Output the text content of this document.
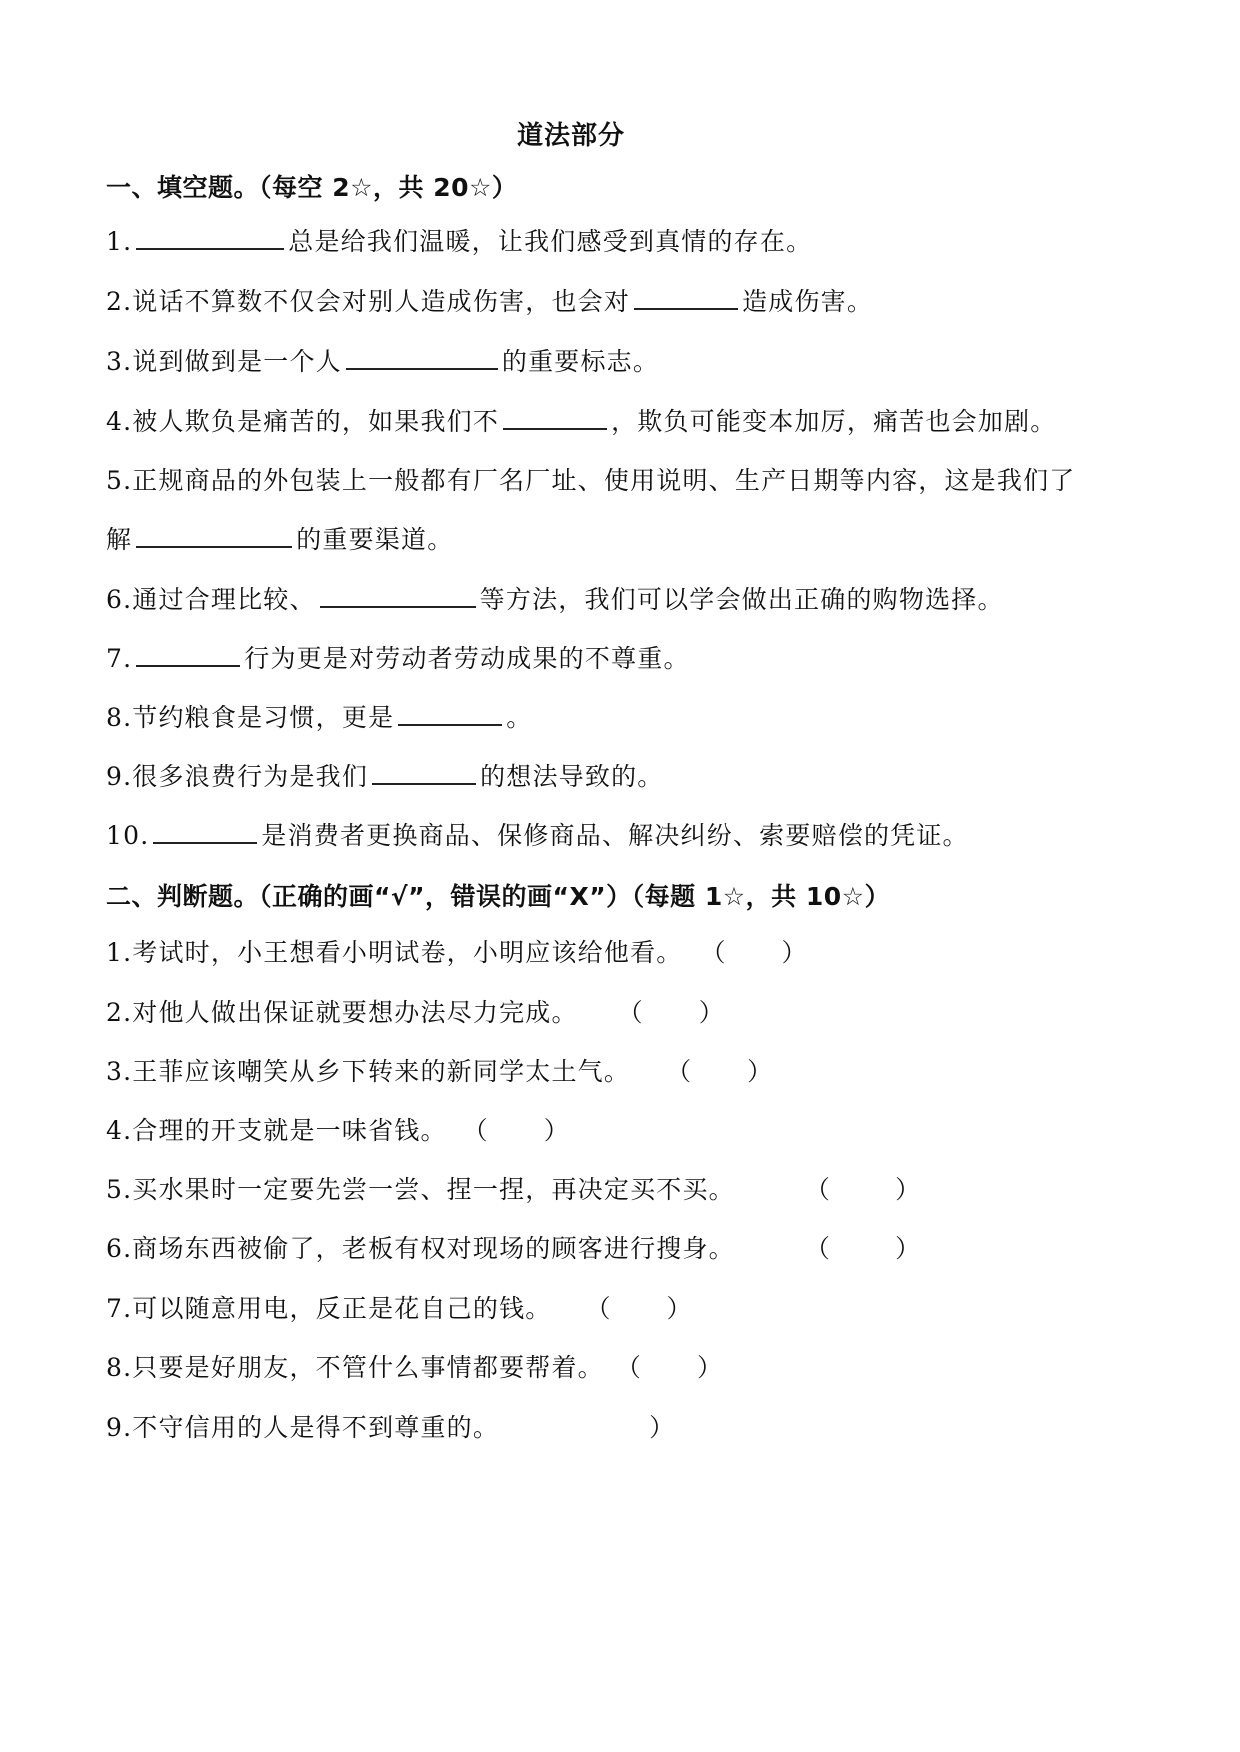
道法部分
一、填空题。（每空 2☆，共 20☆）
1.	总是给我们温暖，让我们感受到真情的存在。
2.说话不算数不仅会对别人造成伤害，也会对	造成伤害。
3.说到做到是一个人	的重要标志。
4.被人欺负是痛苦的，如果我们不	，欺负可能变本加厉，痛苦也会加剧。
5.正规商品的外包装上一般都有厂名厂址、使用说明、生产日期等内容，这是我们了
解	的重要渠道。
6.通过合理比较、	等方法，我们可以学会做出正确的购物选择。
7.	行为更是对劳动者劳动成果的不尊重。
8.节约粮食是习惯，更是	。
9.很多浪费行为是我们	的想法导致的。
10.	是消费者更换商品、保修商品、解决纠纷、索要赔偿的凭证。
二、判断题。（正确的画“√”，错误的画“X”）（每题 1☆，共 10☆）
1.考试时，小王想看小明试卷，小明应该给他看。 （      ）
2.对他人做出保证就要想办法尽力完成。 （      ）
3.王菲应该嘲笑从乡下转来的新同学太土气。 （      ）
4.合理的开支就是一味省钱。 （      ）
5.买水果时一定要先尝一尝、捏一捏，再决定买不买。	（       ）
6.商场东西被偷了，老板有权对现场的顾客进行搜身。	（       ）
7.可以随意用电，反正是花自己的钱。 （      ）
8.只要是好朋友，不管什么事情都要帮着。 （      ）
9.不守信用的人是得不到尊重的。	）
